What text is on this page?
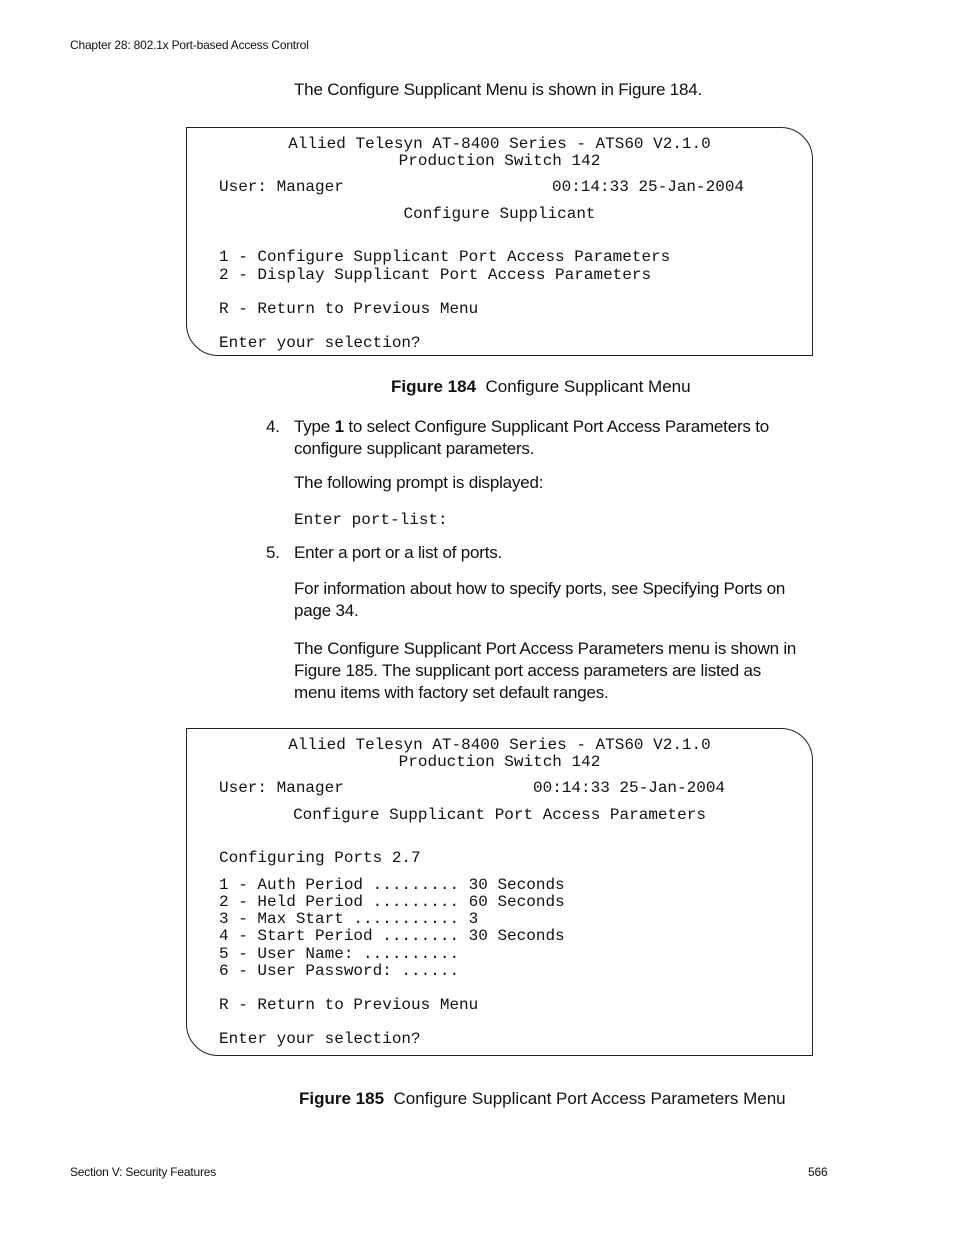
Chapter 28: 802.1x Port-based Access Control
The Configure Supplicant Menu is shown in Figure 184.
Allied Telesyn AT-8400 Series - ATS60 V2.1.0
Production Switch 142
User: Manager	00:14:33 25-Jan-2004
Configure Supplicant
1 - Configure Supplicant Port Access Parameters
2 - Display Supplicant Port Access Parameters
R - Return to Previous Menu
Enter your selection?
Figure 184 Configure Supplicant Menu
4. Type 1 to select Configure Supplicant Port Access Parameters to configure supplicant parameters.
The following prompt is displayed:
Enter port-list:
5. Enter a port or a list of ports.
For information about how to specify ports, see Specifying Ports on page 34.
The Configure Supplicant Port Access Parameters menu is shown in Figure 185. The supplicant port access parameters are listed as menu items with factory set default ranges.
Allied Telesyn AT-8400 Series - ATS60 V2.1.0
Production Switch 142
User: Manager	00:14:33 25-Jan-2004
Configure Supplicant Port Access Parameters
Configuring Ports 2.7
1 - Auth Period ......... 30 Seconds
2 - Held Period ......... 60 Seconds
3 - Max Start ........... 3
4 - Start Period ........ 30 Seconds
5 - User Name: ..........
6 - User Password: ......
R - Return to Previous Menu
Enter your selection?
Figure 185 Configure Supplicant Port Access Parameters Menu
Section V: Security Features	566
